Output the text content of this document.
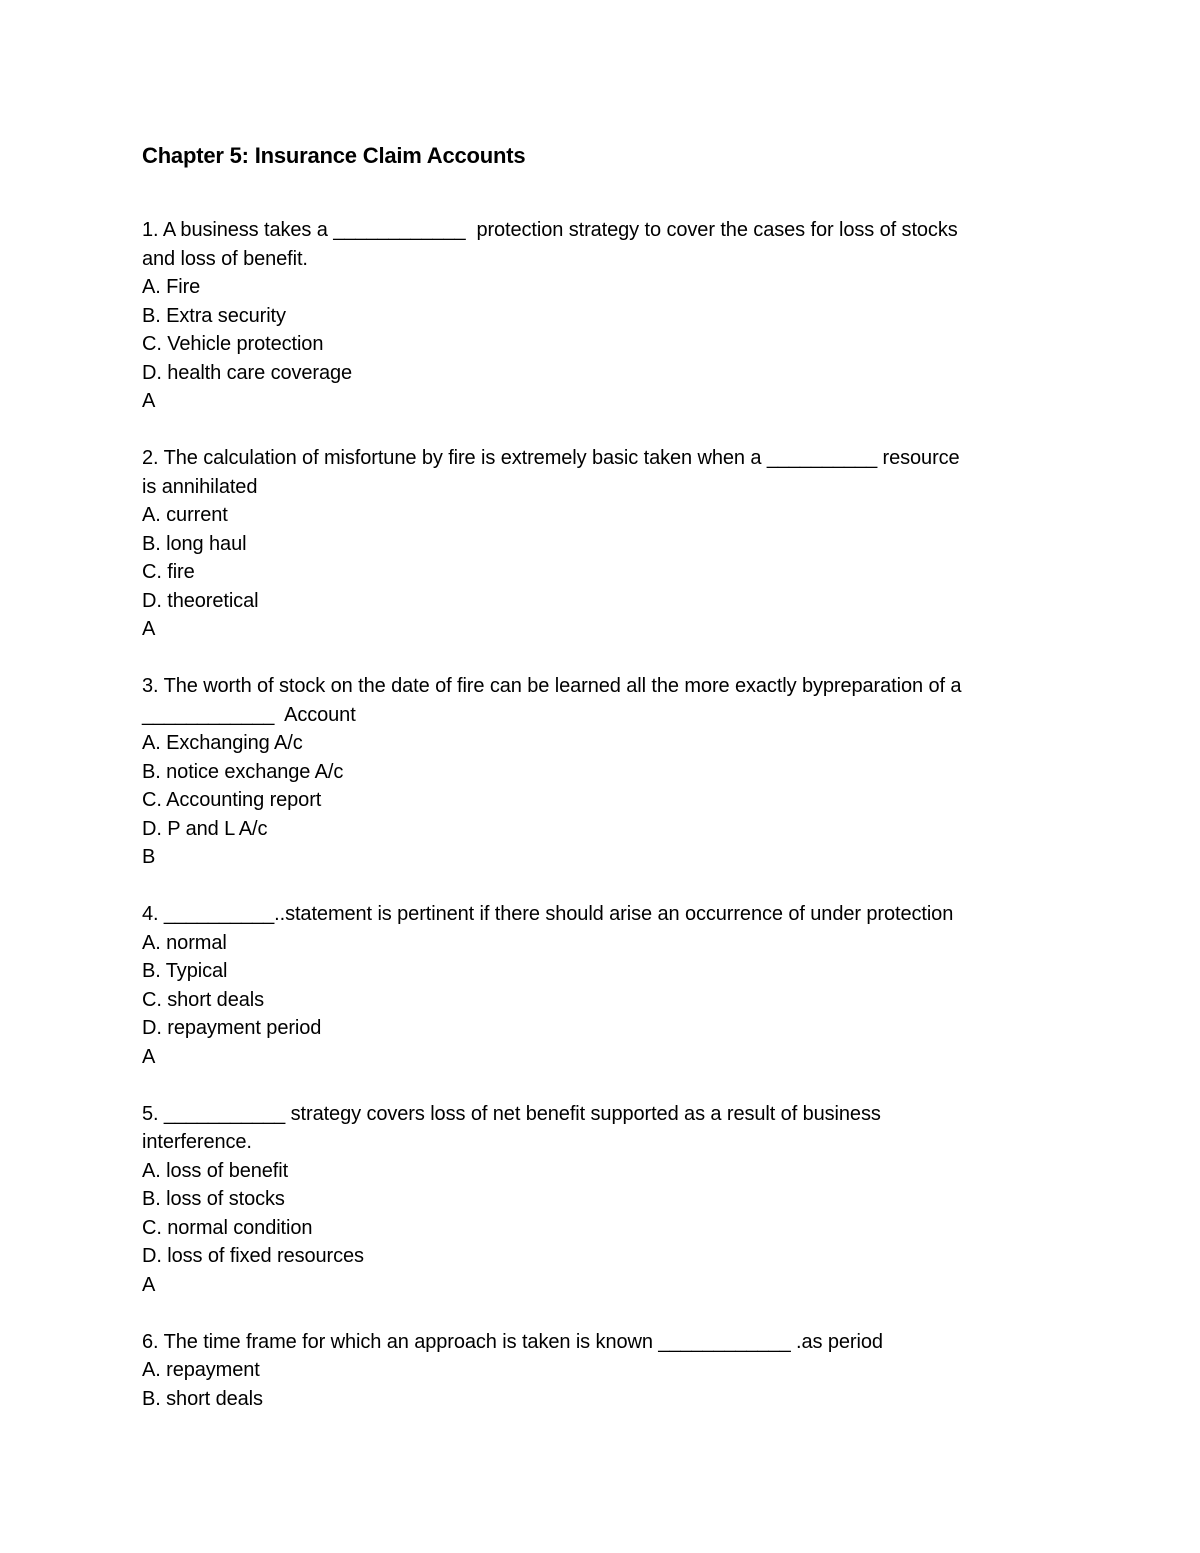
Chapter 5: Insurance Claim Accounts

1. A business takes a ____________  protection strategy to cover the cases for loss of stocks

and loss of benefit.

A. Fire

B. Extra security

C. Vehicle protection

D. health care coverage

A

2. The calculation of misfortune by fire is extremely basic taken when a __________ resource

is annihilated

A. current

B. long haul

C. fire

D. theoretical

A

3. The worth of stock on the date of fire can be learned all the more exactly bypreparation of a

____________  Account

A. Exchanging A/c

B. notice exchange A/c

C. Accounting report

D. P and L A/c

B

4. __________..statement is pertinent if there should arise an occurrence of under protection

A. normal

B. Typical

C. short deals

D. repayment period

A

5. ___________ strategy covers loss of net benefit supported as a result of business

interference.

A. loss of benefit

B. loss of stocks

C. normal condition

D. loss of fixed resources

A

6. The time frame for which an approach is taken is known ____________ .as period

A. repayment

B. short deals
